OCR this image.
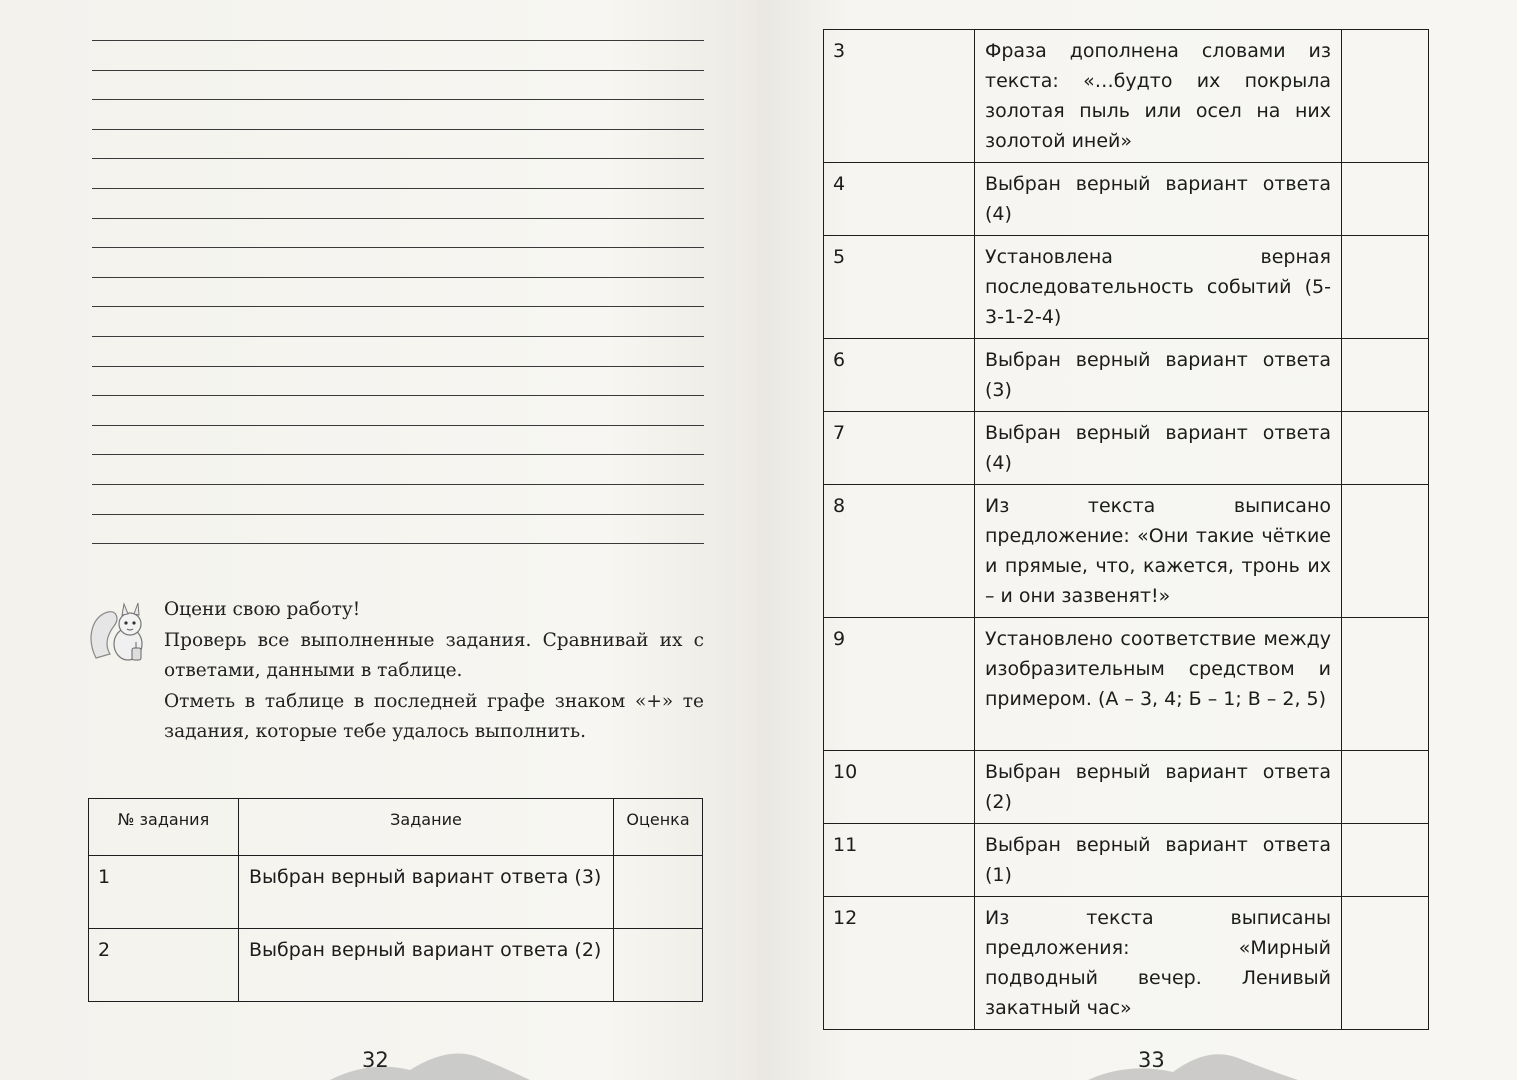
Оцени свою работу!

Проверь все выполненные задания. Сравнивай их с ответами, данными в таблице.

Отметь в таблице в последней графе знаком «+» те задания, которые тебе удалось выполнить.

№ задания	Задание	Оценка
1	Выбран верный вариант ответа (3)	
2	Выбран верный вариант ответа (2)	
32
3	Фраза дополнена словами из текста: «…будто их покрыла золотая пыль или осел на них золотой иней»	
4	Выбран верный вариант ответа (4)	
5	Установлена верная последовательность событий (5-3-1-2-4)	
6	Выбран верный вариант ответа (3)	
7	Выбран верный вариант ответа (4)	
8	Из текста выписано предложение: «Они такие чёткие и прямые, что, кажется, тронь их – и они зазвенят!»	
9	Установлено соответствие между изобразительным средством и примером. (А – 3, 4; Б – 1; В – 2, 5)	
10	Выбран верный вариант ответа (2)	
11	Выбран верный вариант ответа (1)	
12	Из текста выписаны предложения: «Мирный подводный вечер. Ленивый закатный час»	
33
